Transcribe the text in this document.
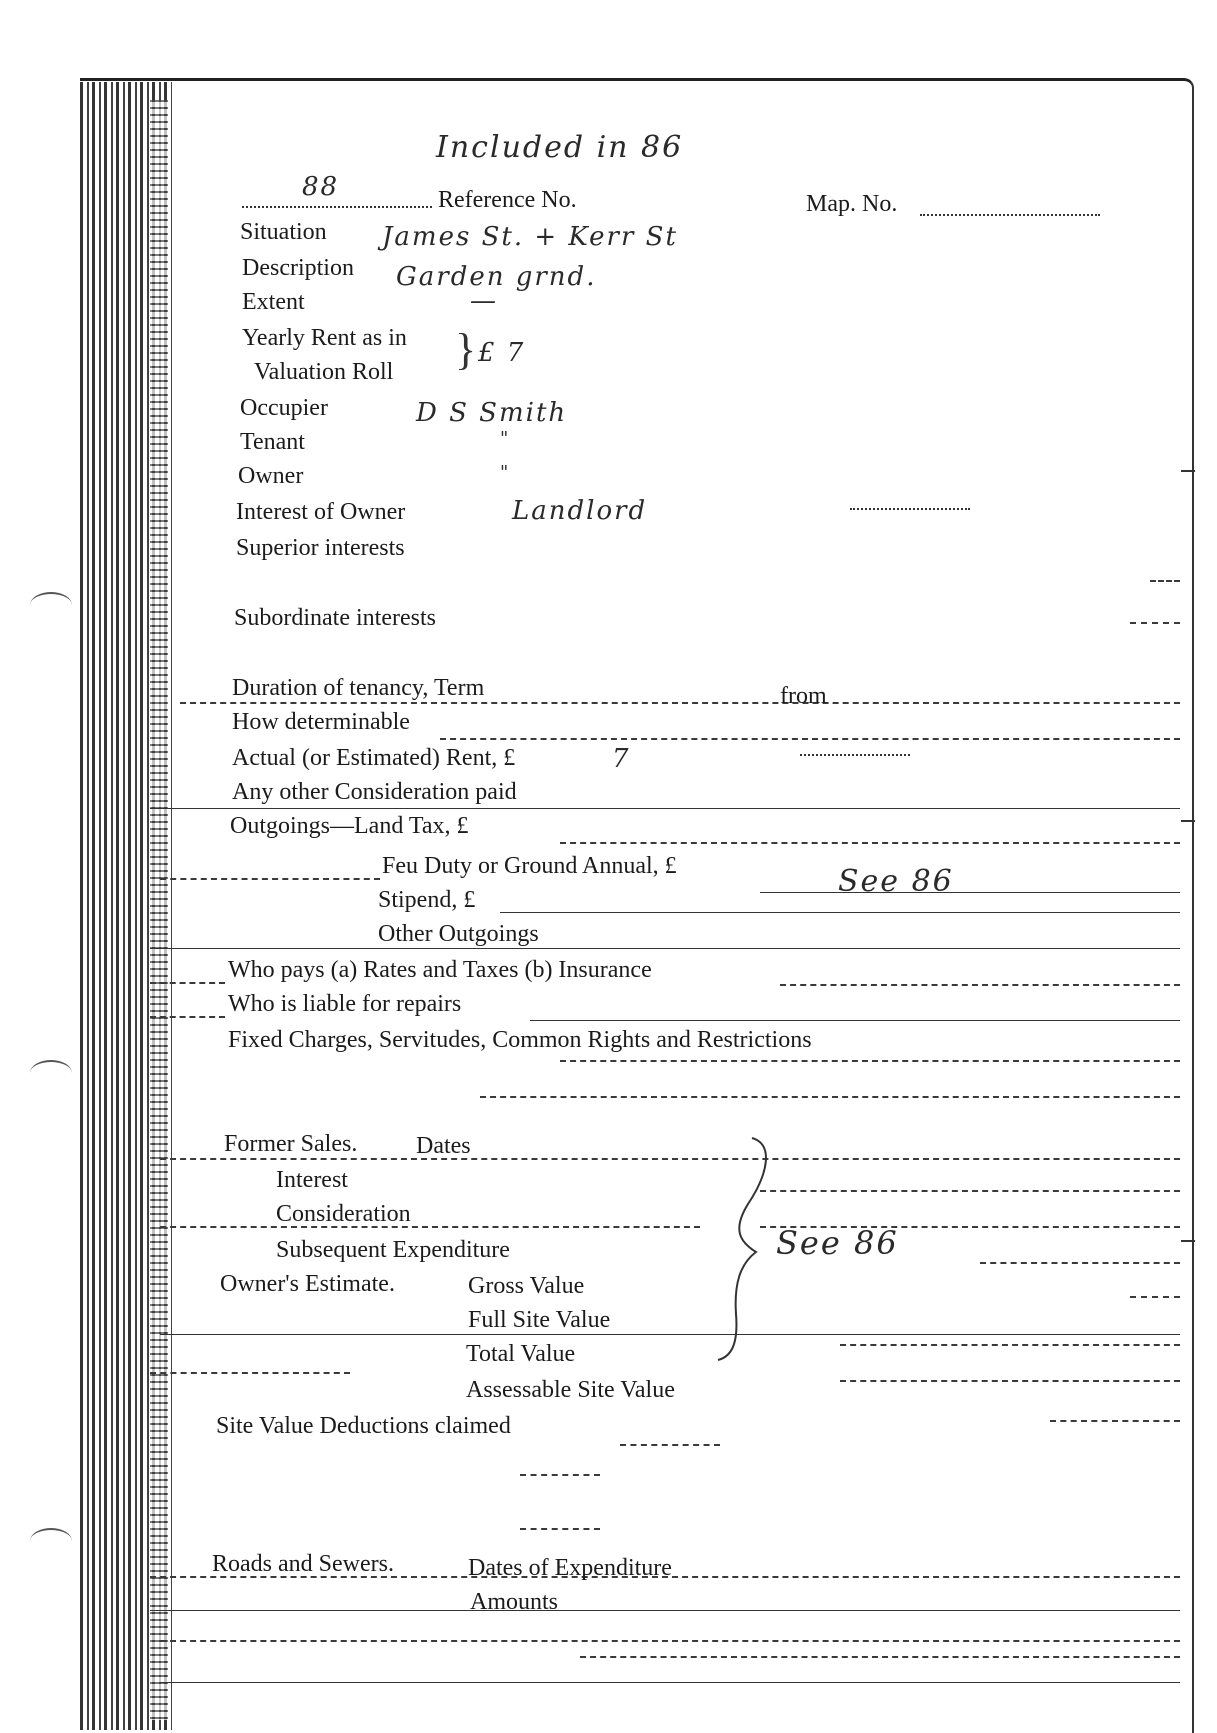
Included in 86
88	Reference No.	Map. No.
Situation James St. + Kerr St
Description Garden grnd.
Extent	—
Yearly Rent as in
Valuation Roll } £ 7
Occupier	D S Smith
Tenant	"
Owner	"
Interest of Owner	Landlord
Superior interests
Subordinate interests
Duration of tenancy, Term	from
How determinable
Actual (or Estimated) Rent, £	7
Any other Consideration paid
Outgoings—Land Tax, £
Feu Duty or Ground Annual, £	See 86
Stipend, £
Other Outgoings
Who pays (a) Rates and Taxes (b) Insurance
Who is liable for repairs
Fixed Charges, Servitudes, Common Rights and Restrictions
Former Sales. Dates
Interest
Consideration
Subsequent Expenditure
Owner's Estimate.	Gross Value
Full Site Value
Total Value
Assessable Site Value
See 86
Site Value Deductions claimed
Roads and Sewers.	Dates of Expenditure
Amounts
